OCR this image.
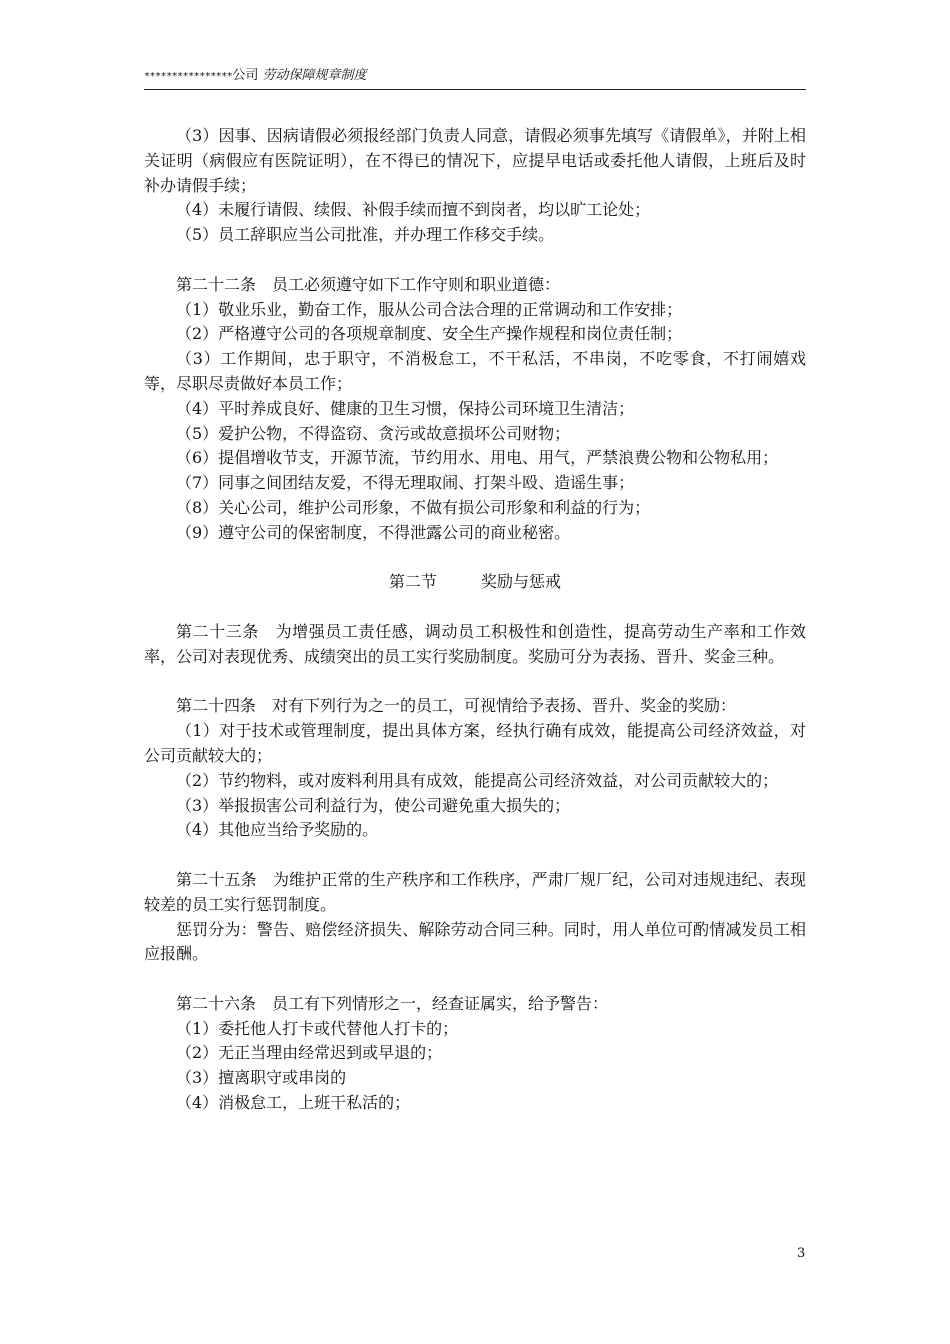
****************公司 劳动保障规章制度

（3）因事、因病请假必须报经部门负责人同意，请假必须事先填写《请假单》，并附上相关证明（病假应有医院证明），在不得已的情况下，应提早电话或委托他人请假，上班后及时补办请假手续；

（4）未履行请假、续假、补假手续而擅不到岗者，均以旷工论处；

（5）员工辞职应当公司批准，并办理工作移交手续。

第二十二条　员工必须遵守如下工作守则和职业道德：

（1）敬业乐业，勤奋工作，服从公司合法合理的正常调动和工作安排；

（2）严格遵守公司的各项规章制度、安全生产操作规程和岗位责任制；

（3）工作期间，忠于职守，不消极怠工，不干私活，不串岗，不吃零食，不打闹嬉戏等，尽职尽责做好本员工作；

（4）平时养成良好、健康的卫生习惯，保持公司环境卫生清洁；

（5）爱护公物，不得盗窃、贪污或故意损坏公司财物；

（6）提倡增收节支，开源节流，节约用水、用电、用气，严禁浪费公物和公物私用；

（7）同事之间团结友爱，不得无理取闹、打架斗殴、造谣生事；

（8）关心公司，维护公司形象，不做有损公司形象和利益的行为；

（9）遵守公司的保密制度，不得泄露公司的商业秘密。

第二节	奖励与惩戒

第二十三条　为增强员工责任感，调动员工积极性和创造性，提高劳动生产率和工作效率，公司对表现优秀、成绩突出的员工实行奖励制度。奖励可分为表扬、晋升、奖金三种。

第二十四条　对有下列行为之一的员工，可视情给予表扬、晋升、奖金的奖励：

（1）对于技术或管理制度，提出具体方案，经执行确有成效，能提高公司经济效益，对公司贡献较大的；

（2）节约物料，或对废料利用具有成效，能提高公司经济效益，对公司贡献较大的；

（3）举报损害公司利益行为，使公司避免重大损失的；

（4）其他应当给予奖励的。

第二十五条　为维护正常的生产秩序和工作秩序，严肃厂规厂纪，公司对违规违纪、表现较差的员工实行惩罚制度。

惩罚分为：警告、赔偿经济损失、解除劳动合同三种。同时，用人单位可酌情减发员工相应报酬。

第二十六条　员工有下列情形之一，经查证属实，给予警告：

（1）委托他人打卡或代替他人打卡的；

（2）无正当理由经常迟到或早退的；

（3）擅离职守或串岗的

（4）消极怠工，上班干私活的；

3
